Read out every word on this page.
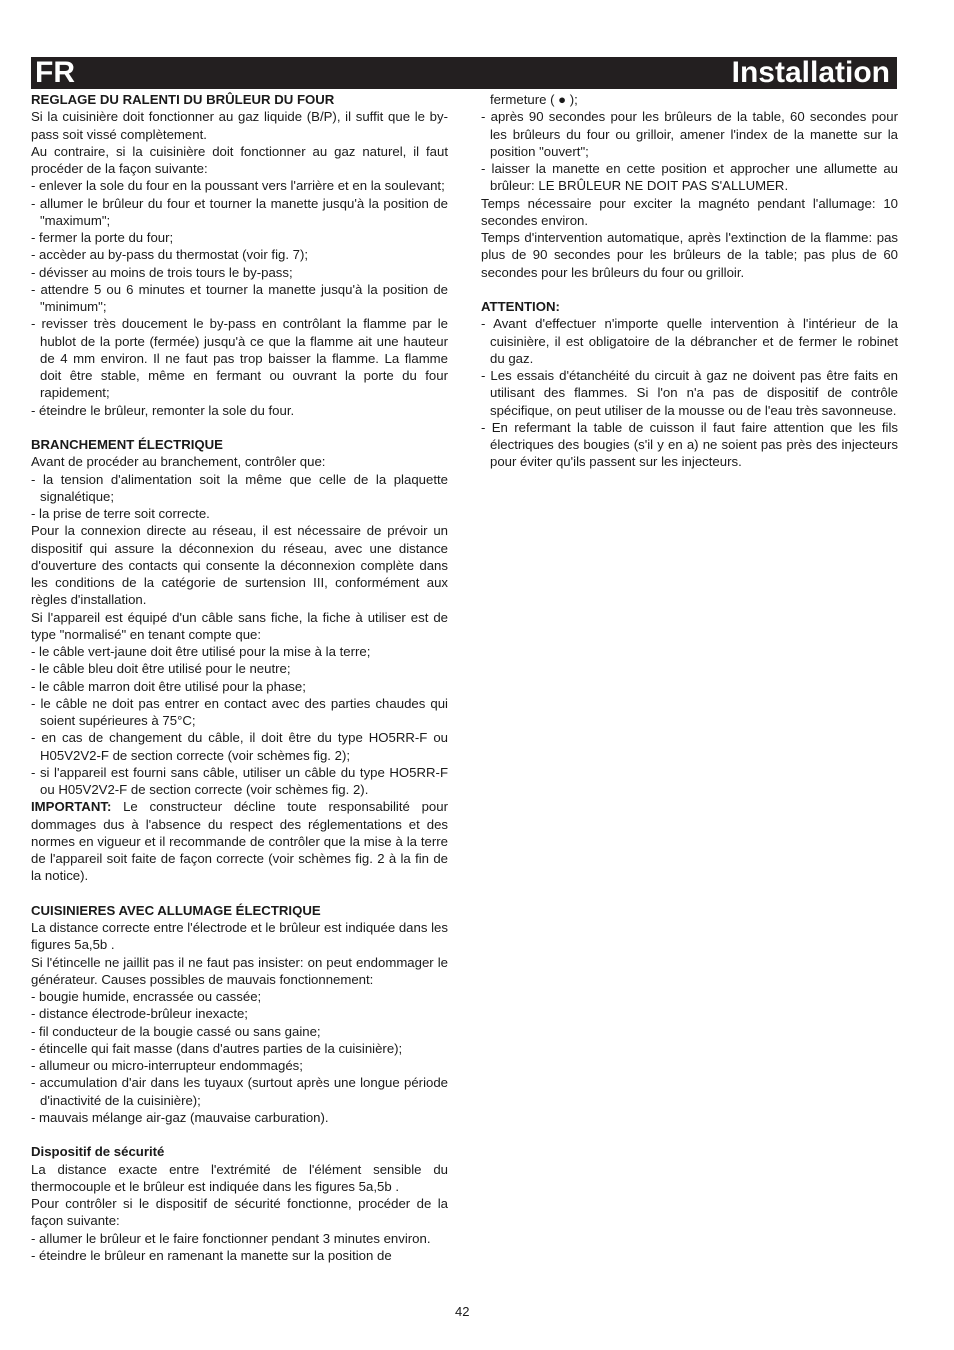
FR	Installation

REGLAGE DU RALENTI DU BRÛLEUR DU FOUR

Si la cuisinière doit fonctionner au gaz liquide (B/P), il suffit que le by-pass soit vissé complètement.

Au contraire, si la cuisinière doit fonctionner au gaz naturel, il faut procéder de la façon suivante:

- enlever la sole du four en la poussant vers l'arrière et en la soulevant;

- allumer le brûleur du four et tourner la manette jusqu'à la position de "maximum";

- fermer la porte du four;

- accèder au by-pass du thermostat (voir fig. 7);

- dévisser au moins de trois tours le by-pass;

- attendre 5 ou 6 minutes et tourner la manette jusqu'à la position de "minimum";

- revisser très doucement le by-pass en contrôlant la flamme par le hublot de la porte (fermée) jusqu'à ce que la flamme ait une hauteur de 4 mm environ. Il ne faut pas trop baisser la flamme. La flamme doit être stable, même en fermant ou ouvrant la porte du four rapidement;

- éteindre le brûleur, remonter la sole du four.

BRANCHEMENT ÉLECTRIQUE

Avant de procéder au branchement, contrôler que:

- la tension d'alimentation soit la même que celle de la plaquette signalétique;

- la prise de terre soit correcte.

Pour la connexion directe au réseau, il est nécessaire de prévoir un dispositif qui assure la déconnexion du réseau, avec une distance d'ouverture des contacts qui consente la déconnexion complète dans les conditions de la catégorie de surtension III, conformément aux règles d'installation.

Si l'appareil est équipé d'un câble sans fiche, la fiche à utiliser est de type "normalisé" en tenant compte que:

- le câble vert-jaune doit être utilisé pour la mise à la terre;

- le câble bleu doit être utilisé pour le neutre;

- le câble marron doit être utilisé pour la phase;

- le câble ne doit pas entrer en contact avec des parties chaudes qui soient supérieures à 75°C;

- en cas de changement du câble, il doit être du type HO5RR-F ou H05V2V2-F de section correcte (voir schèmes fig. 2);

- si l'appareil est fourni sans câble, utiliser un câble du type HO5RR-F ou H05V2V2-F de section correcte (voir schèmes fig. 2).

IMPORTANT: Le constructeur décline toute responsabilité pour dommages dus à l'absence du respect des réglementations et des normes en vigueur et il recommande de contrôler que la mise à la terre de l'appareil soit faite de façon correcte (voir schèmes fig. 2 à la fin de la notice).

CUISINIERES AVEC ALLUMAGE ÉLECTRIQUE

La distance correcte entre l'électrode et le brûleur est indiquée dans les figures 5a,5b .

Si l'étincelle ne jaillit pas il ne faut pas insister: on peut endommager le générateur. Causes possibles de mauvais fonctionnement:

- bougie humide, encrassée ou cassée;

- distance électrode-brûleur inexacte;

- fil conducteur de la bougie cassé ou sans gaine;

- étincelle qui fait masse (dans d'autres parties de la cuisinière);

- allumeur ou micro-interrupteur endommagés;

- accumulation d'air dans les tuyaux (surtout après une longue période d'inactivité de la cuisinière);

- mauvais mélange air-gaz (mauvaise carburation).

Dispositif de sécurité

La distance exacte entre l'extrémité de l'élément sensible du thermocouple et le brûleur est indiquée dans les figures 5a,5b .

Pour contrôler si le dispositif de sécurité fonctionne, procéder de la façon suivante:

- allumer le brûleur et le faire fonctionner pendant 3 minutes environ.

- éteindre le brûleur en ramenant la manette sur la position de

fermeture ( ● );

- après 90 secondes pour les brûleurs de la table, 60 secondes pour les brûleurs du four ou grilloir, amener l'index de la manette sur la position "ouvert";

- laisser la manette en cette position et approcher une allumette au brûleur: LE BRÛLEUR NE DOIT PAS S'ALLUMER.

Temps nécessaire pour exciter la magnéto pendant l'allumage: 10 secondes environ.

Temps d'intervention automatique, après l'extinction de la flamme: pas plus de 90 secondes pour les brûleurs de la table; pas plus de 60 secondes pour les brûleurs du four ou grilloir.

ATTENTION:

- Avant d'effectuer n'importe quelle intervention à l'intérieur de la cuisinière, il est obligatoire de la débrancher et de fermer le robinet du gaz.

- Les essais d'étanchéité du circuit à gaz ne doivent pas être faits en utilisant des flammes. Si l'on n'a pas de dispositif de contrôle spécifique, on peut utiliser de la mousse ou de l'eau très savonneuse.

- En refermant la table de cuisson il faut faire attention que les fils électriques des bougies (s'il y en a) ne soient pas près des injecteurs pour éviter qu'ils passent sur les injecteurs.

42
